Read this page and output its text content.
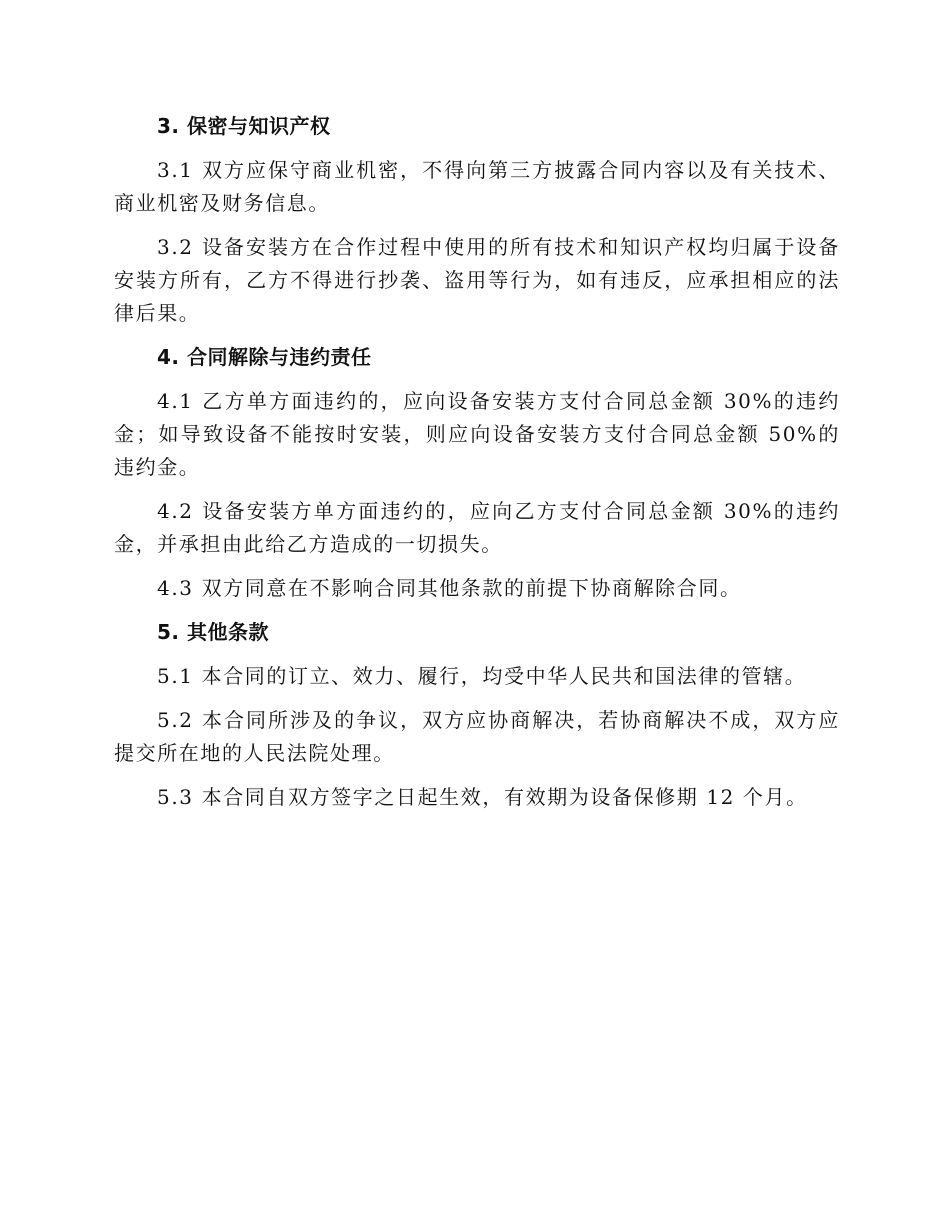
3. 保密与知识产权

3.1 双方应保守商业机密，不得向第三方披露合同内容以及有关技术、商业机密及财务信息。

3.2 设备安装方在合作过程中使用的所有技术和知识产权均归属于设备安装方所有，乙方不得进行抄袭、盗用等行为，如有违反，应承担相应的法律后果。

4. 合同解除与违约责任

4.1 乙方单方面违约的，应向设备安装方支付合同总金额 30%的违约金；如导致设备不能按时安装，则应向设备安装方支付合同总金额 50%的违约金。

4.2 设备安装方单方面违约的，应向乙方支付合同总金额 30%的违约金，并承担由此给乙方造成的一切损失。

4.3 双方同意在不影响合同其他条款的前提下协商解除合同。

5. 其他条款

5.1 本合同的订立、效力、履行，均受中华人民共和国法律的管辖。

5.2 本合同所涉及的争议，双方应协商解决，若协商解决不成，双方应提交所在地的人民法院处理。

5.3 本合同自双方签字之日起生效，有效期为设备保修期 12 个月。
